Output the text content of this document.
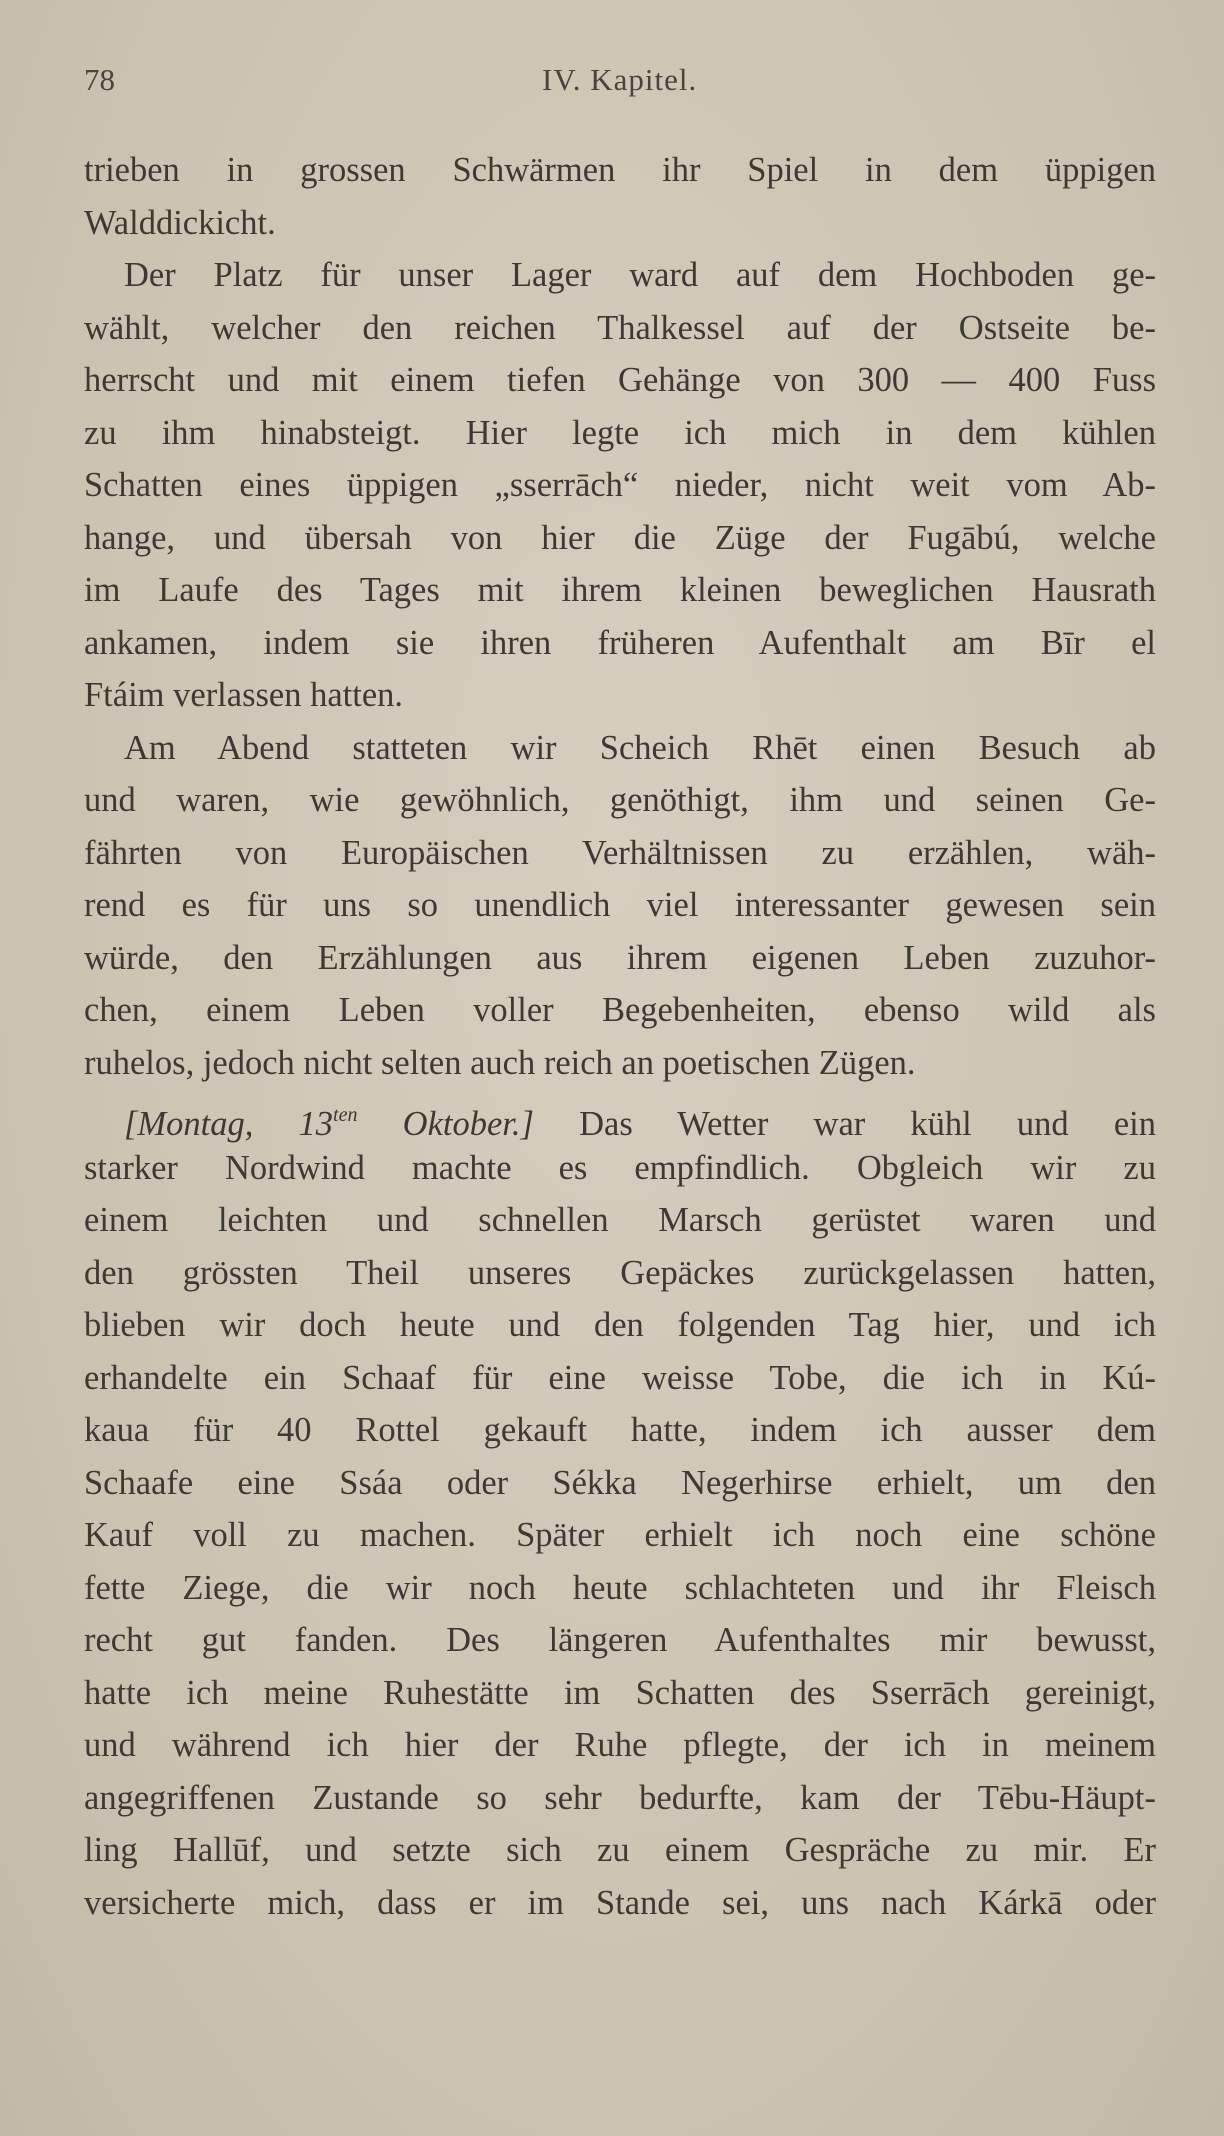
78	IV. Kapitel.
trieben in grossen Schwärmen ihr Spiel in dem üppigen
Walddickicht.
Der Platz für unser Lager ward auf dem Hochboden ge-
wählt, welcher den reichen Thalkessel auf der Ostseite be-
herrscht und mit einem tiefen Gehänge von 300 — 400 Fuss
zu ihm hinabsteigt. Hier legte ich mich in dem kühlen
Schatten eines üppigen „sserrāch“ nieder, nicht weit vom Ab-
hange, und übersah von hier die Züge der Fugābú, welche
im Laufe des Tages mit ihrem kleinen beweglichen Hausrath
ankamen, indem sie ihren früheren Aufenthalt am Bīr el
Ftáim verlassen hatten.
Am Abend statteten wir Scheich Rhēt einen Besuch ab
und waren, wie gewöhnlich, genöthigt, ihm und seinen Ge-
fährten von Europäischen Verhältnissen zu erzählen, wäh-
rend es für uns so unendlich viel interessanter gewesen sein
würde, den Erzählungen aus ihrem eigenen Leben zuzuhor-
chen, einem Leben voller Begebenheiten, ebenso wild als
ruhelos, jedoch nicht selten auch reich an poetischen Zügen.
[Montag, $13^{ten}$ Oktober.] Das Wetter war kühl und ein
starker Nordwind machte es empfindlich. Obgleich wir zu
einem leichten und schnellen Marsch gerüstet waren und
den grössten Theil unseres Gepäckes zurückgelassen hatten,
blieben wir doch heute und den folgenden Tag hier, und ich
erhandelte ein Schaaf für eine weisse Tobe, die ich in Kú-
kaua für 40 Rottel gekauft hatte, indem ich ausser dem
Schaafe eine Ssáa oder Sékka Negerhirse erhielt, um den
Kauf voll zu machen. Später erhielt ich noch eine schöne
fette Ziege, die wir noch heute schlachteten und ihr Fleisch
recht gut fanden. Des längeren Aufenthaltes mir bewusst,
hatte ich meine Ruhestätte im Schatten des Sserrāch gereinigt,
und während ich hier der Ruhe pflegte, der ich in meinem
angegriffenen Zustande so sehr bedurfte, kam der Tēbu-Häupt-
ling Hallūf, und setzte sich zu einem Gespräche zu mir. Er
versicherte mich, dass er im Stande sei, uns nach Kárkā oder
